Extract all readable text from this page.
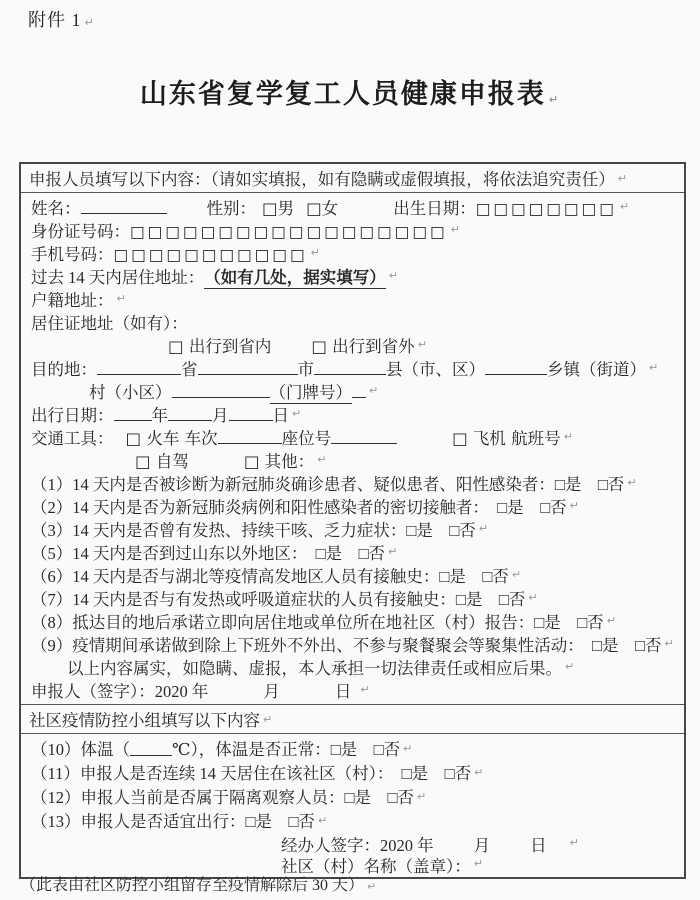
附件 1 ↵
山东省复学复工人员健康申报表 ↵
申报人员填写以下内容：（请如实填报，如有隐瞒或虚假填报，将依法追究责任） ↵
姓名：	性别： □男 □女	出生日期： □□□□□□□□ ↵
身份证号码： □□□□□□□□□□□□□□□□□□ ↵
手机号码： □□□□□□□□□□□ ↵
过去 14 天内居住地址： （如有几处，据实填写） ↵
户籍地址： ↵
居住证地址（如有）：
□ 出行到省内 □ 出行到省外 ↵
目的地：	省	市	县（市、区）	乡镇（街道） ↵
村（小区）	（门牌号） ↵
出行日期： 年	月	日 ↵
交通工具： □ 火车 车次	座位号	□ 飞机 航班号 ↵
□ 自驾	□ 其他： ↵
（1）14 天内是否被诊断为新冠肺炎确诊患者、疑似患者、阳性感染者：□是　□否 ↵
（2）14 天内是否为新冠肺炎病例和阳性感染者的密切接触者：　□是　□否 ↵
（3）14 天内是否曾有发热、持续干咳、乏力症状：□是　□否 ↵
（5）14 天内是否到过山东以外地区：　□是　□否 ↵
（6）14 天内是否与湖北等疫情高发地区人员有接触史：□是　□否 ↵
（7）14 天内是否与有发热或呼吸道症状的人员有接触史：□是　□否 ↵
（8）抵达目的地后承诺立即向居住地或单位所在地社区（村）报告：□是　□否 ↵
（9）疫情期间承诺做到除上下班外不外出、不参与聚餐聚会等聚集性活动：　□是　□否 ↵
以上内容属实，如隐瞒、虚报，本人承担一切法律责任或相应后果。 ↵
申报人（签字）： 2020 年	月	日 ↵
社区疫情防控小组填写以下内容 ↵
（10）体温（	℃），体温是否正常：□是　□否 ↵
（11）申报人是否连续 14 天居住在该社区（村）：　□是　□否 ↵
（12）申报人当前是否属于隔离观察人员：□是　□否 ↵
（13）申报人是否适宜出行：□是　□否 ↵
经办人签字： 2020 年 月 日 ↵
社区（村）名称（盖章）： ↵
（此表由社区防控小组留存至疫情解除后 30 天） ↵
